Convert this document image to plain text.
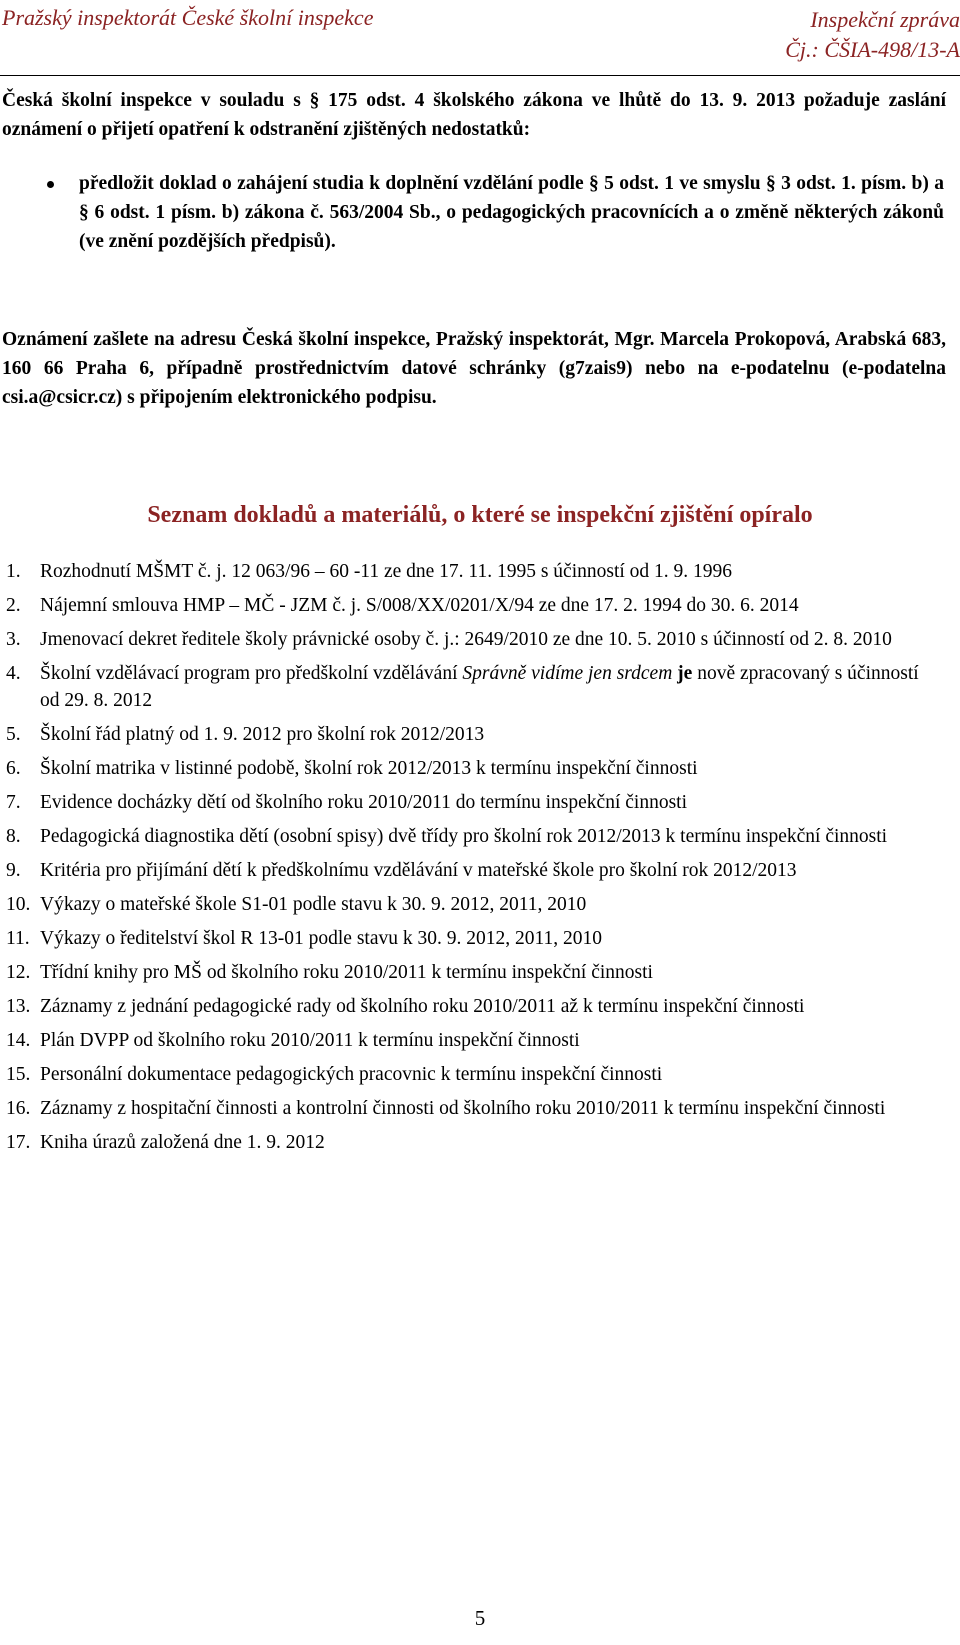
Pražský inspektorát České školní inspekce	Inspekční zpráva
Čj.: ČŠIA-498/13-A

Česká školní inspekce v souladu s § 175 odst. 4 školského zákona ve lhůtě do 13. 9. 2013 požaduje zaslání oznámení o přijetí opatření k odstranění zjištěných nedostatků:

předložit doklad o zahájení studia k doplnění vzdělání podle § 5 odst. 1 ve smyslu § 3 odst. 1. písm. b) a § 6 odst. 1 písm. b) zákona č. 563/2004 Sb., o pedagogických pracovnících a o změně některých zákonů (ve znění pozdějších předpisů).

Oznámení zašlete na adresu Česká školní inspekce, Pražský inspektorát, Mgr. Marcela Prokopová, Arabská 683, 160 66 Praha 6, případně prostřednictvím datové schránky (g7zais9) nebo na e-podatelnu (e-podatelna csi.a@csicr.cz) s připojením elektronického podpisu.

Seznam dokladů a materiálů, o které se inspekční zjištění opíralo
1. Rozhodnutí MŠMT č. j. 12 063/96 – 60 -11 ze dne 17. 11. 1995 s účinností od 1. 9. 1996
2. Nájemní smlouva HMP – MČ - JZM č. j. S/008/XX/0201/X/94 ze dne 17. 2. 1994 do 30. 6. 2014
3. Jmenovací dekret ředitele školy právnické osoby č. j.: 2649/2010 ze dne 10. 5. 2010 s účinností od 2. 8. 2010
4. Školní vzdělávací program pro předškolní vzdělávání Správně vidíme jen srdcem je nově zpracovaný s účinností od 29. 8. 2012
5. Školní řád platný od 1. 9. 2012 pro školní rok 2012/2013
6. Školní matrika v listinné podobě, školní rok 2012/2013 k termínu inspekční činnosti
7. Evidence docházky dětí od školního roku 2010/2011 do termínu inspekční činnosti
8. Pedagogická diagnostika dětí (osobní spisy) dvě třídy pro školní rok 2012/2013 k termínu inspekční činnosti
9. Kritéria pro přijímání dětí k předškolnímu vzdělávání v mateřské škole pro školní rok 2012/2013
10. Výkazy o mateřské škole S1-01 podle stavu k 30. 9. 2012, 2011, 2010
11. Výkazy o ředitelství škol R 13-01 podle stavu k 30. 9. 2012, 2011, 2010
12. Třídní knihy pro MŠ od školního roku 2010/2011 k termínu inspekční činnosti
13. Záznamy z jednání pedagogické rady od školního roku 2010/2011 až k termínu inspekční činnosti
14. Plán DVPP od školního roku 2010/2011 k termínu inspekční činnosti
15. Personální dokumentace pedagogických pracovnic k termínu inspekční činnosti
16. Záznamy z hospitační činnosti a kontrolní činnosti od školního roku 2010/2011 k termínu inspekční činnosti
17. Kniha úrazů založená dne 1. 9. 2012
5
